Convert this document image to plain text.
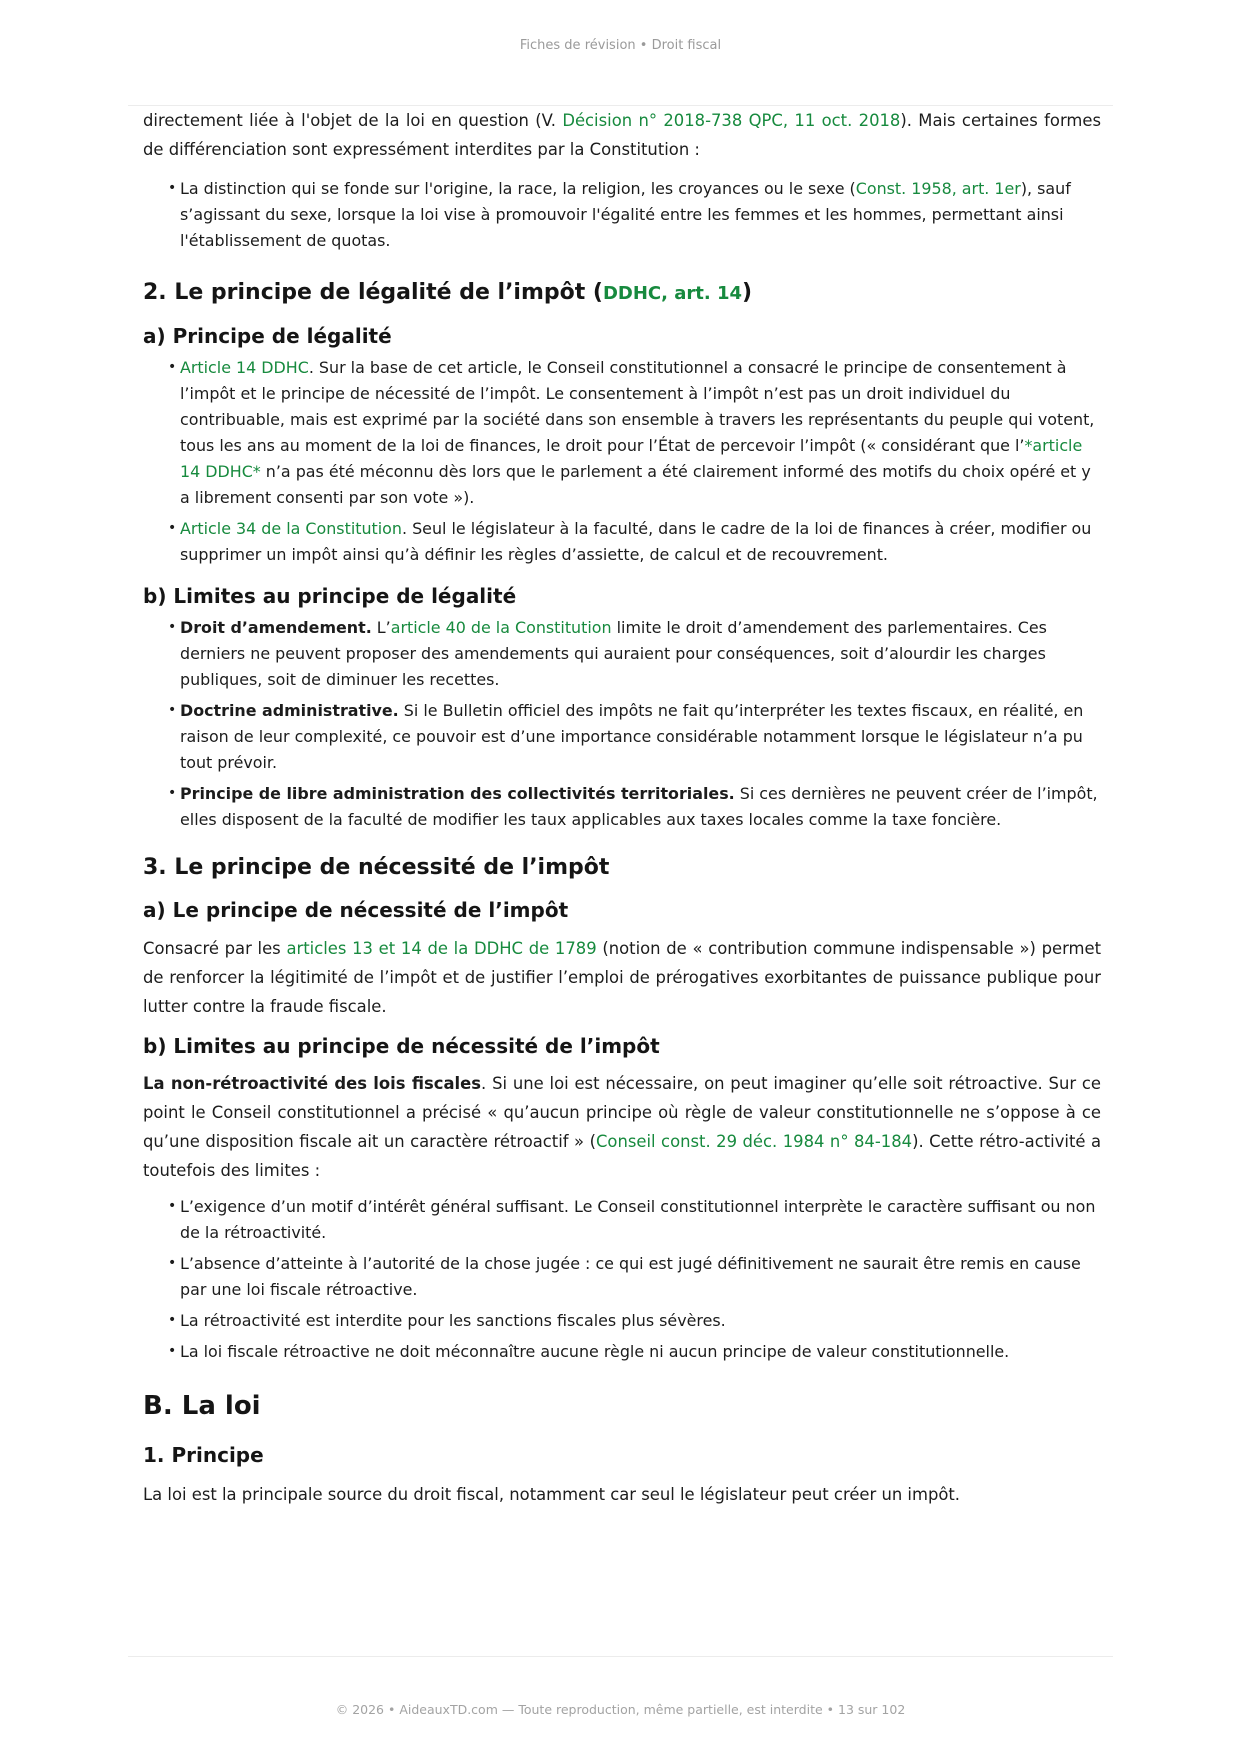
Fiches de révision • Droit fiscal

directement liée à l'objet de la loi en question (V. Décision n° 2018-738 QPC, 11 oct. 2018). Mais certaines formes de différenciation sont expressément interdites par la Constitution :

• La distinction qui se fonde sur l'origine, la race, la religion, les croyances ou le sexe (Const. 1958, art. 1er), sauf s’agissant du sexe, lorsque la loi vise à promouvoir l'égalité entre les femmes et les hommes, permettant ainsi l'établissement de quotas.
2. Le principe de légalité de l’impôt (DDHC, art. 14)
a) Principe de légalité
• Article 14 DDHC. Sur la base de cet article, le Conseil constitutionnel a consacré le principe de consentement à l’impôt et le principe de nécessité de l’impôt. Le consentement à l’impôt n’est pas un droit individuel du contribuable, mais est exprimé par la société dans son ensemble à travers les représentants du peuple qui votent, tous les ans au moment de la loi de finances, le droit pour l’État de percevoir l’impôt (« considérant que l’*article 14 DDHC* n’a pas été méconnu dès lors que le parlement a été clairement informé des motifs du choix opéré et y a librement consenti par son vote »).
• Article 34 de la Constitution. Seul le législateur à la faculté, dans le cadre de la loi de finances à créer, modifier ou supprimer un impôt ainsi qu’à définir les règles d’assiette, de calcul et de recouvrement.
b) Limites au principe de légalité
• Droit d’amendement. L’article 40 de la Constitution limite le droit d’amendement des parlementaires. Ces derniers ne peuvent proposer des amendements qui auraient pour conséquences, soit d’alourdir les charges publiques, soit de diminuer les recettes.
• Doctrine administrative. Si le Bulletin officiel des impôts ne fait qu’interpréter les textes fiscaux, en réalité, en raison de leur complexité, ce pouvoir est d’une importance considérable notamment lorsque le législateur n’a pu tout prévoir.
• Principe de libre administration des collectivités territoriales. Si ces dernières ne peuvent créer de l’impôt, elles disposent de la faculté de modifier les taux applicables aux taxes locales comme la taxe foncière.
3. Le principe de nécessité de l’impôt
a) Le principe de nécessité de l’impôt

Consacré par les articles 13 et 14 de la DDHC de 1789 (notion de « contribution commune indispensable ») permet de renforcer la légitimité de l’impôt et de justifier l’emploi de prérogatives exorbitantes de puissance publique pour lutter contre la fraude fiscale.

b) Limites au principe de nécessité de l’impôt

La non-rétroactivité des lois fiscales. Si une loi est nécessaire, on peut imaginer qu’elle soit rétroactive. Sur ce point le Conseil constitutionnel a précisé « qu’aucun principe où règle de valeur constitutionnelle ne s’oppose à ce qu’une disposition fiscale ait un caractère rétroactif » (Conseil const. 29 déc. 1984 n° 84-184). Cette rétro-activité a toutefois des limites :

• L’exigence d’un motif d’intérêt général suffisant. Le Conseil constitutionnel interprète le caractère suffisant ou non de la rétroactivité.
• L’absence d’atteinte à l’autorité de la chose jugée : ce qui est jugé définitivement ne saurait être remis en cause par une loi fiscale rétroactive.
• La rétroactivité est interdite pour les sanctions fiscales plus sévères.
• La loi fiscale rétroactive ne doit méconnaître aucune règle ni aucun principe de valeur constitutionnelle.
B. La loi
1. Principe

La loi est la principale source du droit fiscal, notamment car seul le législateur peut créer un impôt.

© 2026 • AideauxTD.com — Toute reproduction, même partielle, est interdite • 13 sur 102
